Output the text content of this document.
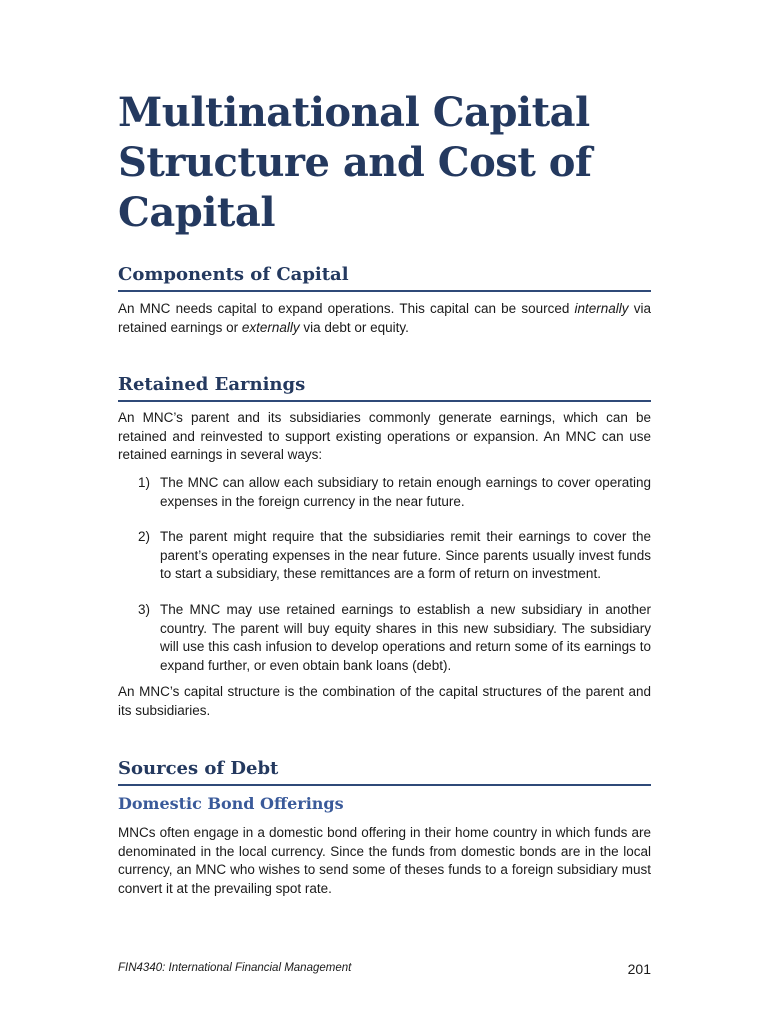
Multinational Capital Structure and Cost of Capital
Components of Capital

An MNC needs capital to expand operations. This capital can be sourced internally via retained earnings or externally via debt or equity.

Retained Earnings

An MNC’s parent and its subsidiaries commonly generate earnings, which can be retained and reinvested to support existing operations or expansion. An MNC can use retained earnings in several ways:

1) The MNC can allow each subsidiary to retain enough earnings to cover operating expenses in the foreign currency in the near future.
2) The parent might require that the subsidiaries remit their earnings to cover the parent’s operating expenses in the near future. Since parents usually invest funds to start a subsidiary, these remittances are a form of return on investment.
3) The MNC may use retained earnings to establish a new subsidiary in another country. The parent will buy equity shares in this new subsidiary. The subsidiary will use this cash infusion to develop operations and return some of its earnings to expand further, or even obtain bank loans (debt).

An MNC’s capital structure is the combination of the capital structures of the parent and its subsidiaries.

Sources of Debt
Domestic Bond Offerings

MNCs often engage in a domestic bond offering in their home country in which funds are denominated in the local currency. Since the funds from domestic bonds are in the local currency, an MNC who wishes to send some of theses funds to a foreign subsidiary must convert it at the prevailing spot rate.

FIN4340: International Financial Management	201
